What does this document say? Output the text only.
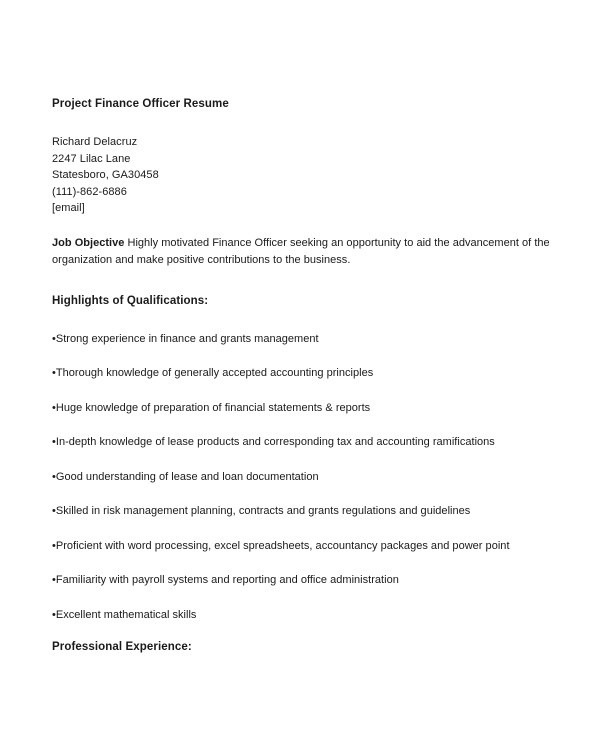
Project Finance Officer Resume

Richard Delacruz

2247 Lilac Lane

Statesboro, GA30458

(111)-862-6886

[email]

Job Objective Highly motivated Finance Officer seeking an opportunity to aid the advancement of the organization and make positive contributions to the business.

Highlights of Qualifications:
•Strong experience in finance and grants management
•Thorough knowledge of generally accepted accounting principles
•Huge knowledge of preparation of financial statements & reports
•In-depth knowledge of lease products and corresponding tax and accounting ramifications
•Good understanding of lease and loan documentation
•Skilled in risk management planning, contracts and grants regulations and guidelines
•Proficient with word processing, excel spreadsheets, accountancy packages and power point
•Familiarity with payroll systems and reporting and office administration
•Excellent mathematical skills
Professional Experience:
